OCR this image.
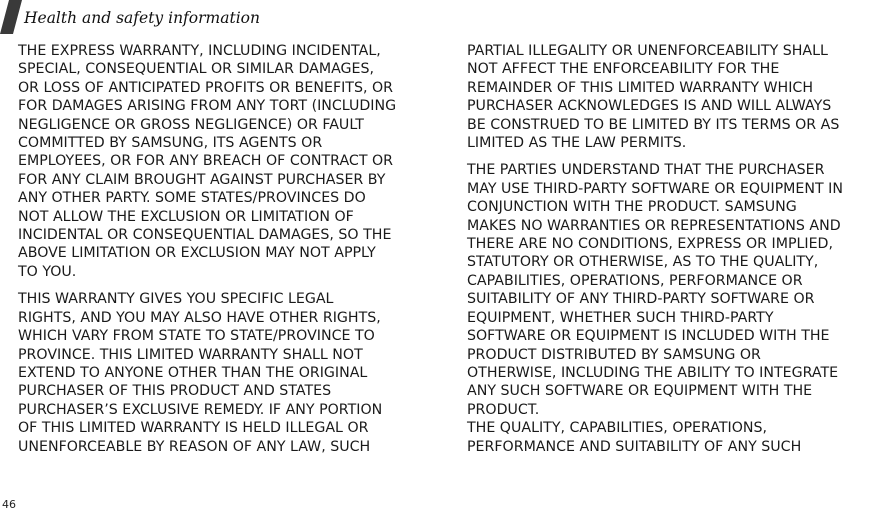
Health and safety information

THE EXPRESS WARRANTY, INCLUDING INCIDENTAL,
SPECIAL, CONSEQUENTIAL OR SIMILAR DAMAGES,
OR LOSS OF ANTICIPATED PROFITS OR BENEFITS, OR
FOR DAMAGES ARISING FROM ANY TORT (INCLUDING
NEGLIGENCE OR GROSS NEGLIGENCE) OR FAULT
COMMITTED BY SAMSUNG, ITS AGENTS OR
EMPLOYEES, OR FOR ANY BREACH OF CONTRACT OR
FOR ANY CLAIM BROUGHT AGAINST PURCHASER BY
ANY OTHER PARTY. SOME STATES/PROVINCES DO
NOT ALLOW THE EXCLUSION OR LIMITATION OF
INCIDENTAL OR CONSEQUENTIAL DAMAGES, SO THE
ABOVE LIMITATION OR EXCLUSION MAY NOT APPLY
TO YOU.

THIS WARRANTY GIVES YOU SPECIFIC LEGAL
RIGHTS, AND YOU MAY ALSO HAVE OTHER RIGHTS,
WHICH VARY FROM STATE TO STATE/PROVINCE TO
PROVINCE. THIS LIMITED WARRANTY SHALL NOT
EXTEND TO ANYONE OTHER THAN THE ORIGINAL
PURCHASER OF THIS PRODUCT AND STATES
PURCHASER’S EXCLUSIVE REMEDY. IF ANY PORTION
OF THIS LIMITED WARRANTY IS HELD ILLEGAL OR
UNENFORCEABLE BY REASON OF ANY LAW, SUCH

PARTIAL ILLEGALITY OR UNENFORCEABILITY SHALL
NOT AFFECT THE ENFORCEABILITY FOR THE
REMAINDER OF THIS LIMITED WARRANTY WHICH
PURCHASER ACKNOWLEDGES IS AND WILL ALWAYS
BE CONSTRUED TO BE LIMITED BY ITS TERMS OR AS
LIMITED AS THE LAW PERMITS.

THE PARTIES UNDERSTAND THAT THE PURCHASER
MAY USE THIRD-PARTY SOFTWARE OR EQUIPMENT IN
CONJUNCTION WITH THE PRODUCT. SAMSUNG
MAKES NO WARRANTIES OR REPRESENTATIONS AND
THERE ARE NO CONDITIONS, EXPRESS OR IMPLIED,
STATUTORY OR OTHERWISE, AS TO THE QUALITY,
CAPABILITIES, OPERATIONS, PERFORMANCE OR
SUITABILITY OF ANY THIRD-PARTY SOFTWARE OR
EQUIPMENT, WHETHER SUCH THIRD-PARTY
SOFTWARE OR EQUIPMENT IS INCLUDED WITH THE
PRODUCT DISTRIBUTED BY SAMSUNG OR
OTHERWISE, INCLUDING THE ABILITY TO INTEGRATE
ANY SUCH SOFTWARE OR EQUIPMENT WITH THE
PRODUCT.

THE QUALITY, CAPABILITIES, OPERATIONS,
PERFORMANCE AND SUITABILITY OF ANY SUCH

46
